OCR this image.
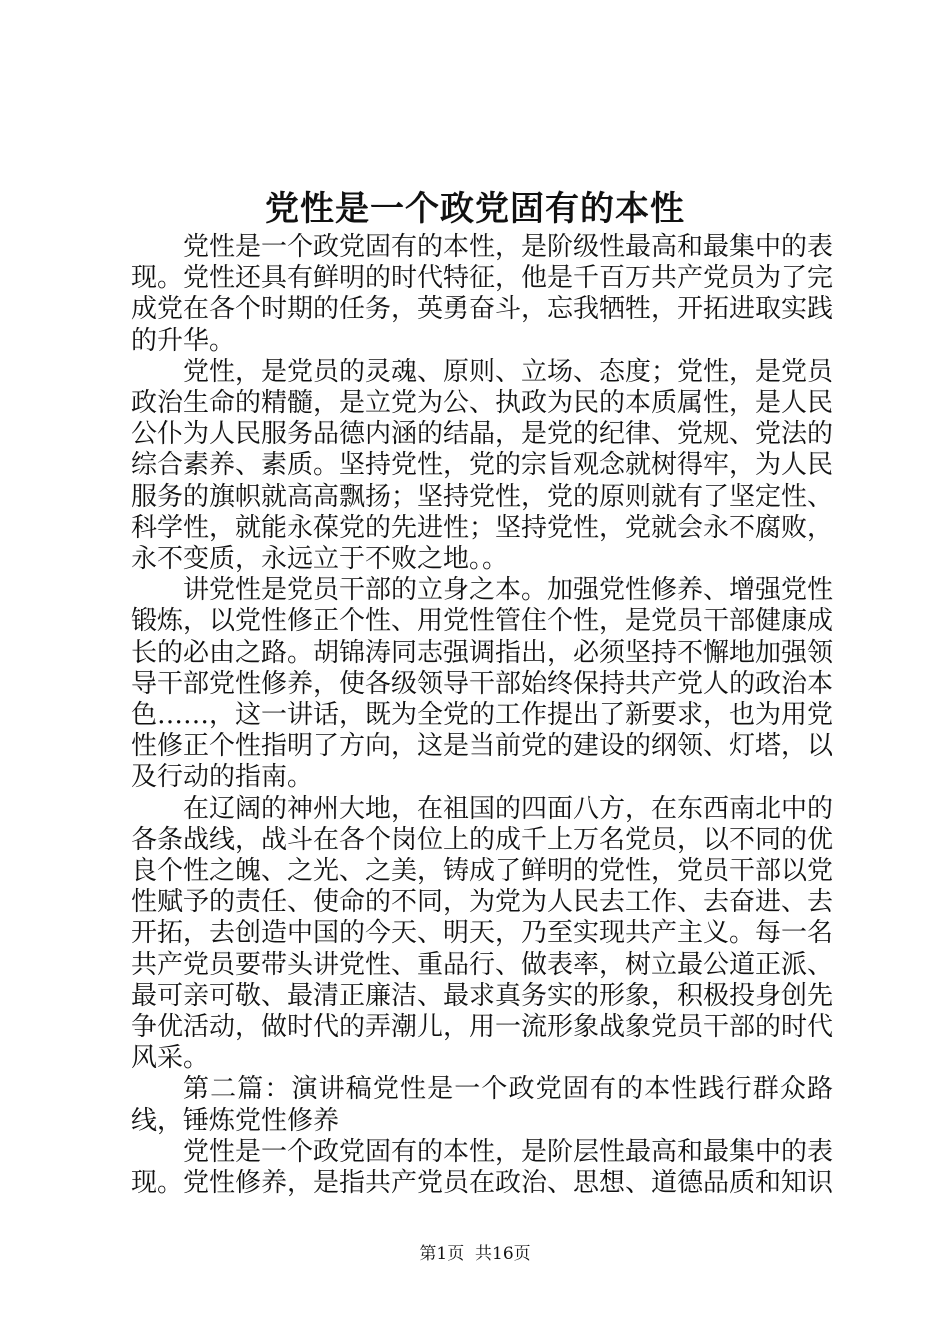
党性是一个政党固有的本性

党性是一个政党固有的本性，是阶级性最高和最集中的表现。党性还具有鲜明的时代特征，他是千百万共产党员为了完成党在各个时期的任务，英勇奋斗，忘我牺牲，开拓进取实践的升华。

党性，是党员的灵魂、原则、立场、态度；党性，是党员政治生命的精髓，是立党为公、执政为民的本质属性，是人民公仆为人民服务品德内涵的结晶，是党的纪律、党规、党法的综合素养、素质。坚持党性，党的宗旨观念就树得牢，为人民服务的旗帜就高高飘扬；坚持党性，党的原则就有了坚定性、科学性，就能永葆党的先进性；坚持党性，党就会永不腐败，永不变质，永远立于不败之地。。

讲党性是党员干部的立身之本。加强党性修养、增强党性锻炼，以党性修正个性、用党性管住个性，是党员干部健康成长的必由之路。胡锦涛同志强调指出，必须坚持不懈地加强领导干部党性修养，使各级领导干部始终保持共产党人的政治本色……，这一讲话，既为全党的工作提出了新要求，也为用党性修正个性指明了方向，这是当前党的建设的纲领、灯塔，以及行动的指南。

在辽阔的神州大地，在祖国的四面八方，在东西南北中的各条战线，战斗在各个岗位上的成千上万名党员，以不同的优良个性之魄、之光、之美，铸成了鲜明的党性，党员干部以党性赋予的责任、使命的不同，为党为人民去工作、去奋进、去开拓，去创造中国的今天、明天，乃至实现共产主义。每一名共产党员要带头讲党性、重品行、做表率，树立最公道正派、最可亲可敬、最清正廉洁、最求真务实的形象，积极投身创先争优活动，做时代的弄潮儿，用一流形象战象党员干部的时代风采。

第二篇：演讲稿党性是一个政党固有的本性践行群众路线，锤炼党性修养

党性是一个政党固有的本性，是阶层性最高和最集中的表现。党性修养，是指共产党员在政治、思想、道德品质和知识

第1页 共16页
